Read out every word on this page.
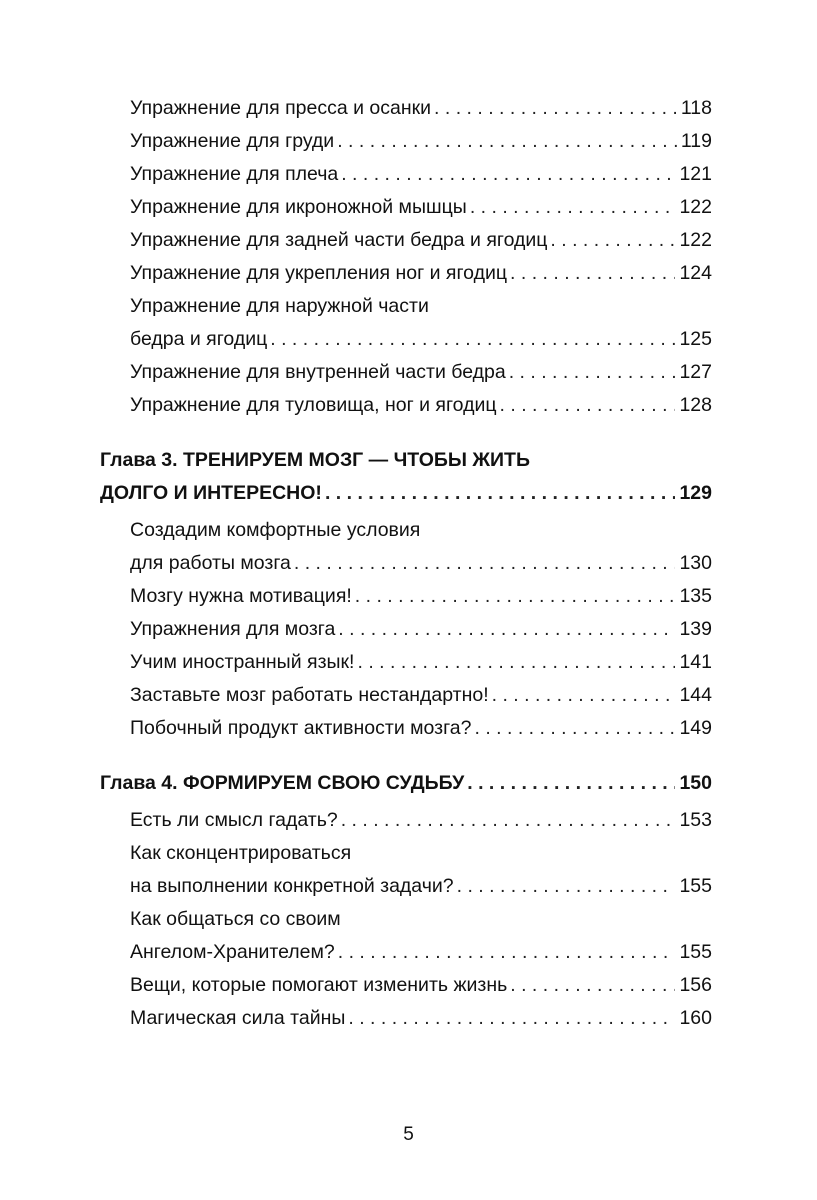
Упражнение для пресса и осанки . . .	118
Упражнение для груди . . .	119
Упражнение для плеча . . .	121
Упражнение для икроножной мышцы . . .	122
Упражнение для задней части бедра и ягодиц . . .	122
Упражнение для укрепления ног и ягодиц . . .	124
Упражнение для наружной части
бедра и ягодиц . . .	125
Упражнение для внутренней части бедра . . .	127
Упражнение для туловища, ног и ягодиц . . .	128
Глава 3. ТРЕНИРУЕМ МОЗГ — ЧТОБЫ ЖИТЬ
ДОЛГО И ИНТЕРЕСНО! . . .	129
Создадим комфортные условия
для работы мозга . . .	130
Мозгу нужна мотивация! . . .	135
Упражнения для мозга . . .	139
Учим иностранный язык! . . .	141
Заставьте мозг работать нестандартно! . . .	144
Побочный продукт активности мозга? . . .	149
Глава 4. ФОРМИРУЕМ СВОЮ СУДЬБУ . . .	150
Есть ли смысл гадать? . . .	153
Как сконцентрироваться
на выполнении конкретной задачи? . . .	155
Как общаться со своим
Ангелом-Хранителем? . . .	155
Вещи, которые помогают изменить жизнь . . .	156
Магическая сила тайны . . .	160
5
